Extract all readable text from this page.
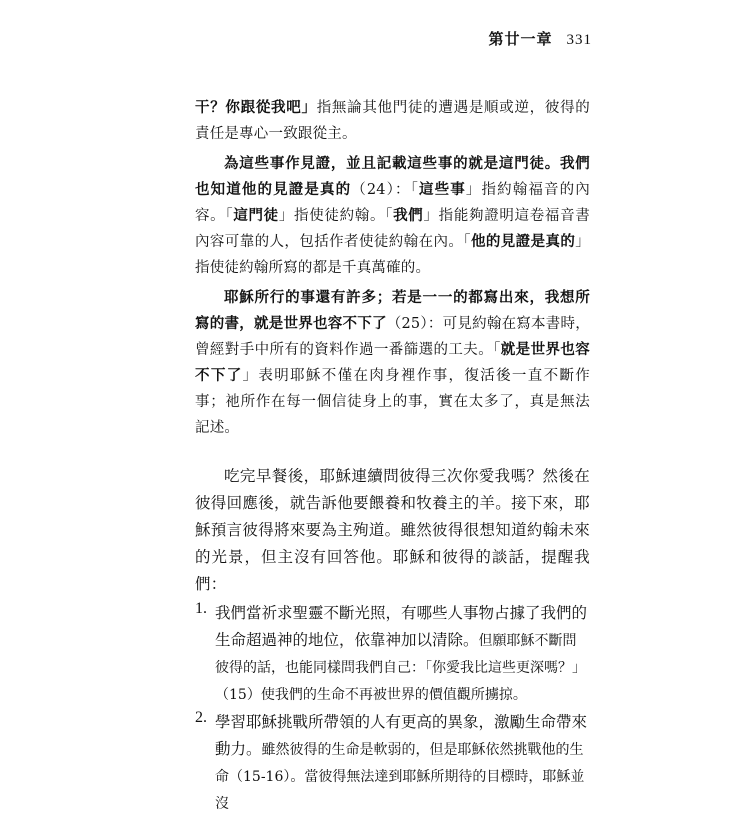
第廿一章 331

干？你跟從我吧」指無論其他門徒的遭遇是順或逆，彼得的責任是專心一致跟從主。

為這些事作見證，並且記載這些事的就是這門徒。我們也知道他的見證是真的（24）：「這些事」指約翰福音的內容。「這門徒」指使徒約翰。「我們」指能夠證明這卷福音書內容可靠的人，包括作者使徒約翰在內。「他的見證是真的」指使徒約翰所寫的都是千真萬確的。

耶穌所行的事還有許多；若是一一的都寫出來，我想所寫的書，就是世界也容不下了（25）：可見約翰在寫本書時，曾經對手中所有的資料作過一番篩選的工夫。「就是世界也容不下了」表明耶穌不僅在肉身裡作事，復活後一直不斷作事；祂所作在每一個信徒身上的事，實在太多了，真是無法記述。

吃完早餐後，耶穌連續問彼得三次你愛我嗎？然後在彼得回應後，就告訴他要餵養和牧養主的羊。接下來，耶穌預言彼得將來要為主殉道。雖然彼得很想知道約翰未來的光景，但主沒有回答他。耶穌和彼得的談話，提醒我們：

1. 我們當祈求聖靈不斷光照，有哪些人事物占據了我們的生命超過神的地位，依靠神加以清除。但願耶穌不斷問彼得的話，也能同樣問我們自己：「你愛我比這些更深嗎？」（15）使我們的生命不再被世界的價值觀所擄掠。
2. 學習耶穌挑戰所帶領的人有更高的異象，激勵生命帶來動力。雖然彼得的生命是軟弱的，但是耶穌依然挑戰他的生命（15-16）。當彼得無法達到耶穌所期待的目標時，耶穌並沒
